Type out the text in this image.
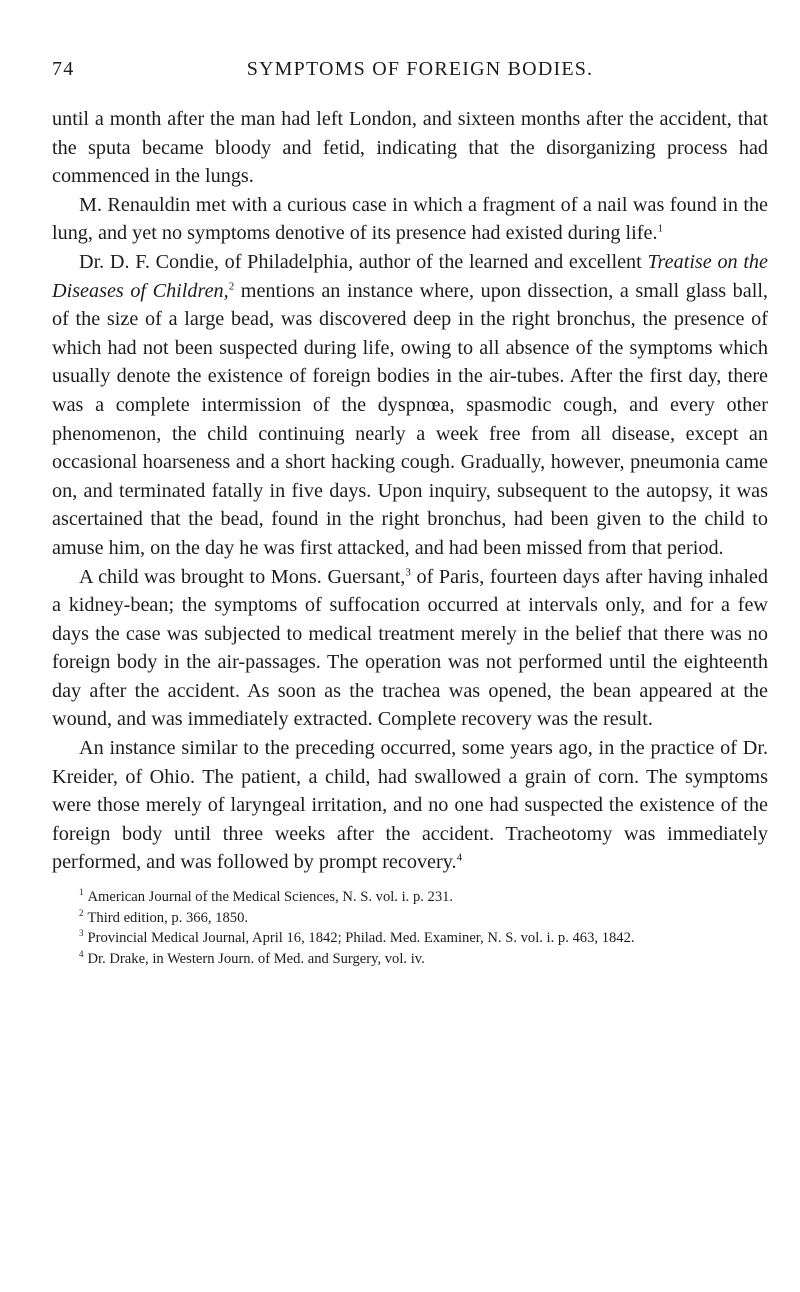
74	SYMPTOMS OF FOREIGN BODIES.

until a month after the man had left London, and sixteen months after the accident, that the sputa became bloody and fetid, indicating that the disorganizing process had commenced in the lungs.

M. Renauldin met with a curious case in which a fragment of a nail was found in the lung, and yet no symptoms denotive of its presence had existed during life.$^1$

Dr. D. F. Condie, of Philadelphia, author of the learned and excellent Treatise on the Diseases of Children,$^2$ mentions an instance where, upon dissection, a small glass ball, of the size of a large bead, was discovered deep in the right bronchus, the presence of which had not been suspected during life, owing to all absence of the symptoms which usually denote the existence of foreign bodies in the air-tubes. After the first day, there was a complete intermission of the dyspnœa, spasmodic cough, and every other phenomenon, the child continuing nearly a week free from all disease, except an occasional hoarseness and a short hacking cough. Gradually, however, pneumonia came on, and terminated fatally in five days. Upon inquiry, subsequent to the autopsy, it was ascertained that the bead, found in the right bronchus, had been given to the child to amuse him, on the day he was first attacked, and had been missed from that period.

A child was brought to Mons. Guersant,$^3$ of Paris, fourteen days after having inhaled a kidney-bean; the symptoms of suffocation occurred at intervals only, and for a few days the case was subjected to medical treatment merely in the belief that there was no foreign body in the air-passages. The operation was not performed until the eighteenth day after the accident. As soon as the trachea was opened, the bean appeared at the wound, and was immediately extracted. Complete recovery was the result.

An instance similar to the preceding occurred, some years ago, in the practice of Dr. Kreider, of Ohio. The patient, a child, had swallowed a grain of corn. The symptoms were those merely of laryngeal irritation, and no one had suspected the existence of the foreign body until three weeks after the accident. Tracheotomy was immediately performed, and was followed by prompt recovery.$^4$

$^1$ American Journal of the Medical Sciences, N. S. vol. i. p. 231.

$^2$ Third edition, p. 366, 1850.

$^3$ Provincial Medical Journal, April 16, 1842; Philad. Med. Examiner, N. S. vol. i. p. 463, 1842.

$^4$ Dr. Drake, in Western Journ. of Med. and Surgery, vol. iv.
